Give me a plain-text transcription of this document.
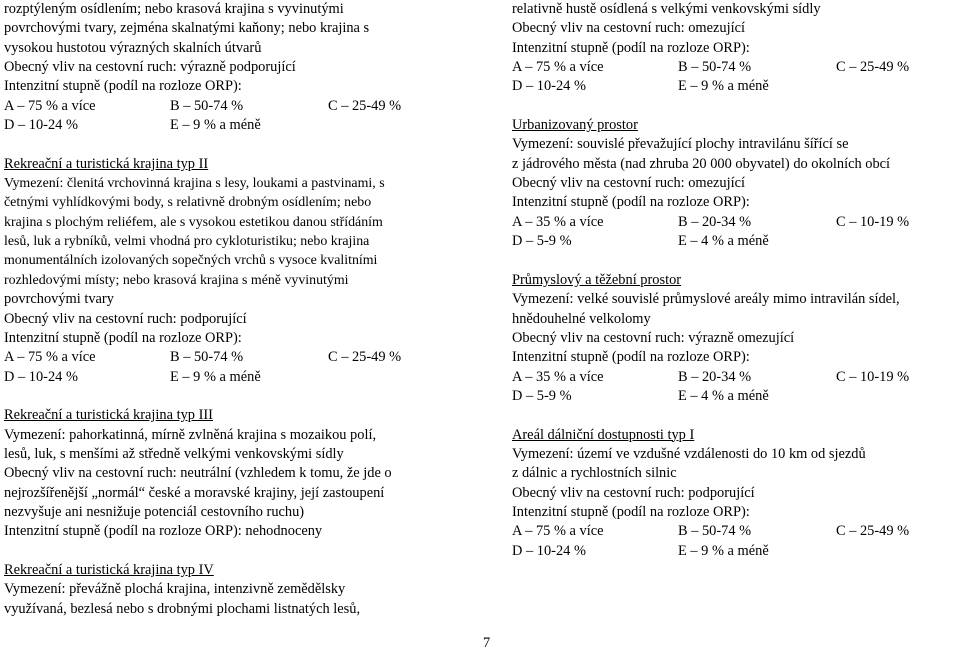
rozptýleným osídlením; nebo krasová krajina s vyvinutými
povrchovými tvary, zejména skalnatými kaňony; nebo krajina s
vysokou hustotou výrazných skalních útvarů
Obecný vliv na cestovní ruch: výrazně podporující
Intenzitní stupně (podíl na rozloze ORP):
A – 75 % a více	B – 50-74 %	C – 25-49 %
D – 10-24 %	E – 9 % a méně
Rekreační a turistická krajina typ II
Vymezení: členitá vrchovinná krajina s lesy, loukami a pastvinami, s
četnými vyhlídkovými body, s relativně drobným osídlením; nebo
krajina s plochým reliéfem, ale s vysokou estetikou danou střídáním
lesů, luk a rybníků, velmi vhodná pro cykloturistiku; nebo krajina
monumentálních izolovaných sopečných vrchů s vysoce kvalitními
rozhledovými místy; nebo krasová krajina s méně vyvinutými
povrchovými tvary
Obecný vliv na cestovní ruch: podporující
Intenzitní stupně (podíl na rozloze ORP):
A – 75 % a více	B – 50-74 %	C – 25-49 %
D – 10-24 %	E – 9 % a méně
Rekreační a turistická krajina typ III
Vymezení: pahorkatinná, mírně zvlněná krajina s mozaikou polí,
lesů, luk, s menšími až středně velkými venkovskými sídly
Obecný vliv na cestovní ruch: neutrální (vzhledem k tomu, že jde o
nejrozšířenější „normál“ české a moravské krajiny, její zastoupení
nezvyšuje ani nesnižuje potenciál cestovního ruchu)
Intenzitní stupně (podíl na rozloze ORP): nehodnoceny
Rekreační a turistická krajina typ IV
Vymezení: převážně plochá krajina, intenzivně zemědělsky
využívaná, bezlesá nebo s drobnými plochami listnatých lesů,
relativně hustě osídlená s velkými venkovskými sídly
Obecný vliv na cestovní ruch: omezující
Intenzitní stupně (podíl na rozloze ORP):
A – 75 % a více	B – 50-74 %	C – 25-49 %
D – 10-24 %	E – 9 % a méně
Urbanizovaný prostor
Vymezení: souvislé převažující plochy intravilánu šířící se
z jádrového města (nad zhruba 20 000 obyvatel) do okolních obcí
Obecný vliv na cestovní ruch: omezující
Intenzitní stupně (podíl na rozloze ORP):
A – 35 % a více	B – 20-34 %	C – 10-19 %
D – 5-9 %	E – 4 % a méně
Průmyslový a těžební prostor
Vymezení: velké souvislé průmyslové areály mimo intravilán sídel,
hnědouhelné velkolomy
Obecný vliv na cestovní ruch: výrazně omezující
Intenzitní stupně (podíl na rozloze ORP):
A – 35 % a více	B – 20-34 %	C – 10-19 %
D – 5-9 %	E – 4 % a méně
Areál dálniční dostupnosti typ I
Vymezení: území ve vzdušné vzdálenosti do 10 km od sjezdů
z dálnic a rychlostních silnic
Obecný vliv na cestovní ruch: podporující
Intenzitní stupně (podíl na rozloze ORP):
A – 75 % a více	B – 50-74 %	C – 25-49 %
D – 10-24 %	E – 9 % a méně
7
